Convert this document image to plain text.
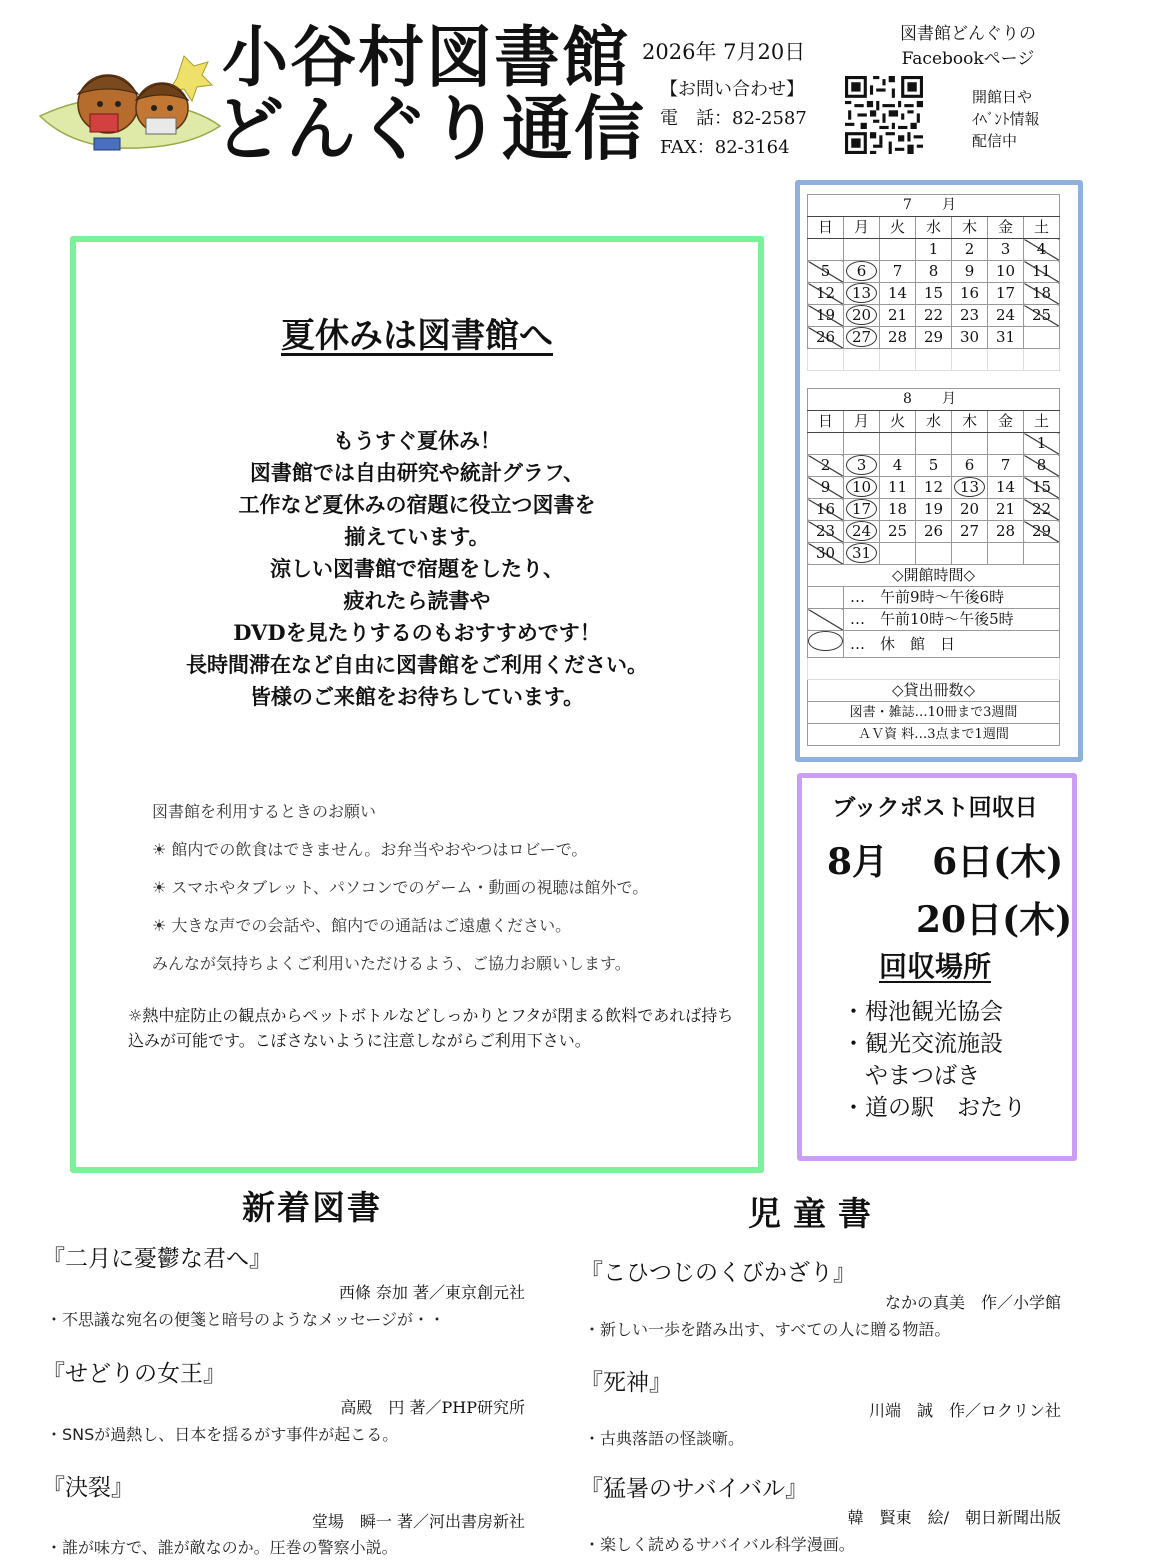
小谷村図書館
どんぐり通信
2026年 7月20日
【お問い合わせ】
電　話：82-2587
FAX：82-3164
図書館どんぐりの
Facebookページ
開館日や
ｲﾍﾞﾝﾄ情報
配信中
夏休みは図書館へ
もうすぐ夏休み！
図書館では自由研究や統計グラフ、
工作など夏休みの宿題に役立つ図書を
揃えています。
涼しい図書館で宿題をしたり、
疲れたら読書や
DVDを見たりするのもおすすめです！
長時間滞在など自由に図書館をご利用ください。
皆様のご来館をお待ちしています。
図書館を利用するときのお願い
☀ 館内での飲食はできません。お弁当やおやつはロビーで。
☀ スマホやタブレット、パソコンでのゲーム・動画の視聴は館外で。
☀ 大きな声での会話や、館内での通話はご遠慮ください。
みんなが気持ちよくご利用いただけるよう、ご協力お願いします。
☼熱中症防止の観点からペットボトルなどしっかりとフタが閉まる飲料であれば持ち込みが可能です。こぼさないように注意しながらご利用下さい。
7　月						
日	月	火	水	木	金	土
			1	2	3	4
5	6	7	8	9	10	11
12	13	14	15	16	17	18
19	20	21	22	23	24	25
26	27	28	29	30	31	

8　月						
日	月	火	水	木	金	土
						1
2	3	4	5	6	7	8
9	10	11	12	13	14	15
16	17	18	19	20	21	22
23	24	25	26	27	28	29
30	31					
◇開館時間◇						
	…　午前9時～午後6時					
	…　午前10時～午後5時					
	…　休　館　日					

◇貸出冊数◇						
図書・雑誌…10冊まで3週間						
ＡＶ資 料…3点まで1週間						
ブックポスト回収日
8月 6日(木)
20日(木)
回収場所
・栂池観光協会
・観光交流施設
　やまつばき
・道の駅　おたり
新着図書
『二月に憂鬱な君へ』
西條 奈加 著／東京創元社
・不思議な宛名の便箋と暗号のようなメッセージが・・
『せどりの女王』
高殿　円 著／PHP研究所
・SNSが過熱し、日本を揺るがす事件が起こる。
『決裂』
堂場　瞬一 著／河出書房新社
・誰が味方で、誰が敵なのか。圧巻の警察小説。
児童書
『こひつじのくびかざり』
なかの真美　作／小学館
・新しい一歩を踏み出す、すべての人に贈る物語。
『死神』
川端　誠　作／ロクリン社
・古典落語の怪談噺。
『猛暑のサバイバル』
韓　賢東　絵/　朝日新聞出版
・楽しく読めるサバイバル科学漫画。
